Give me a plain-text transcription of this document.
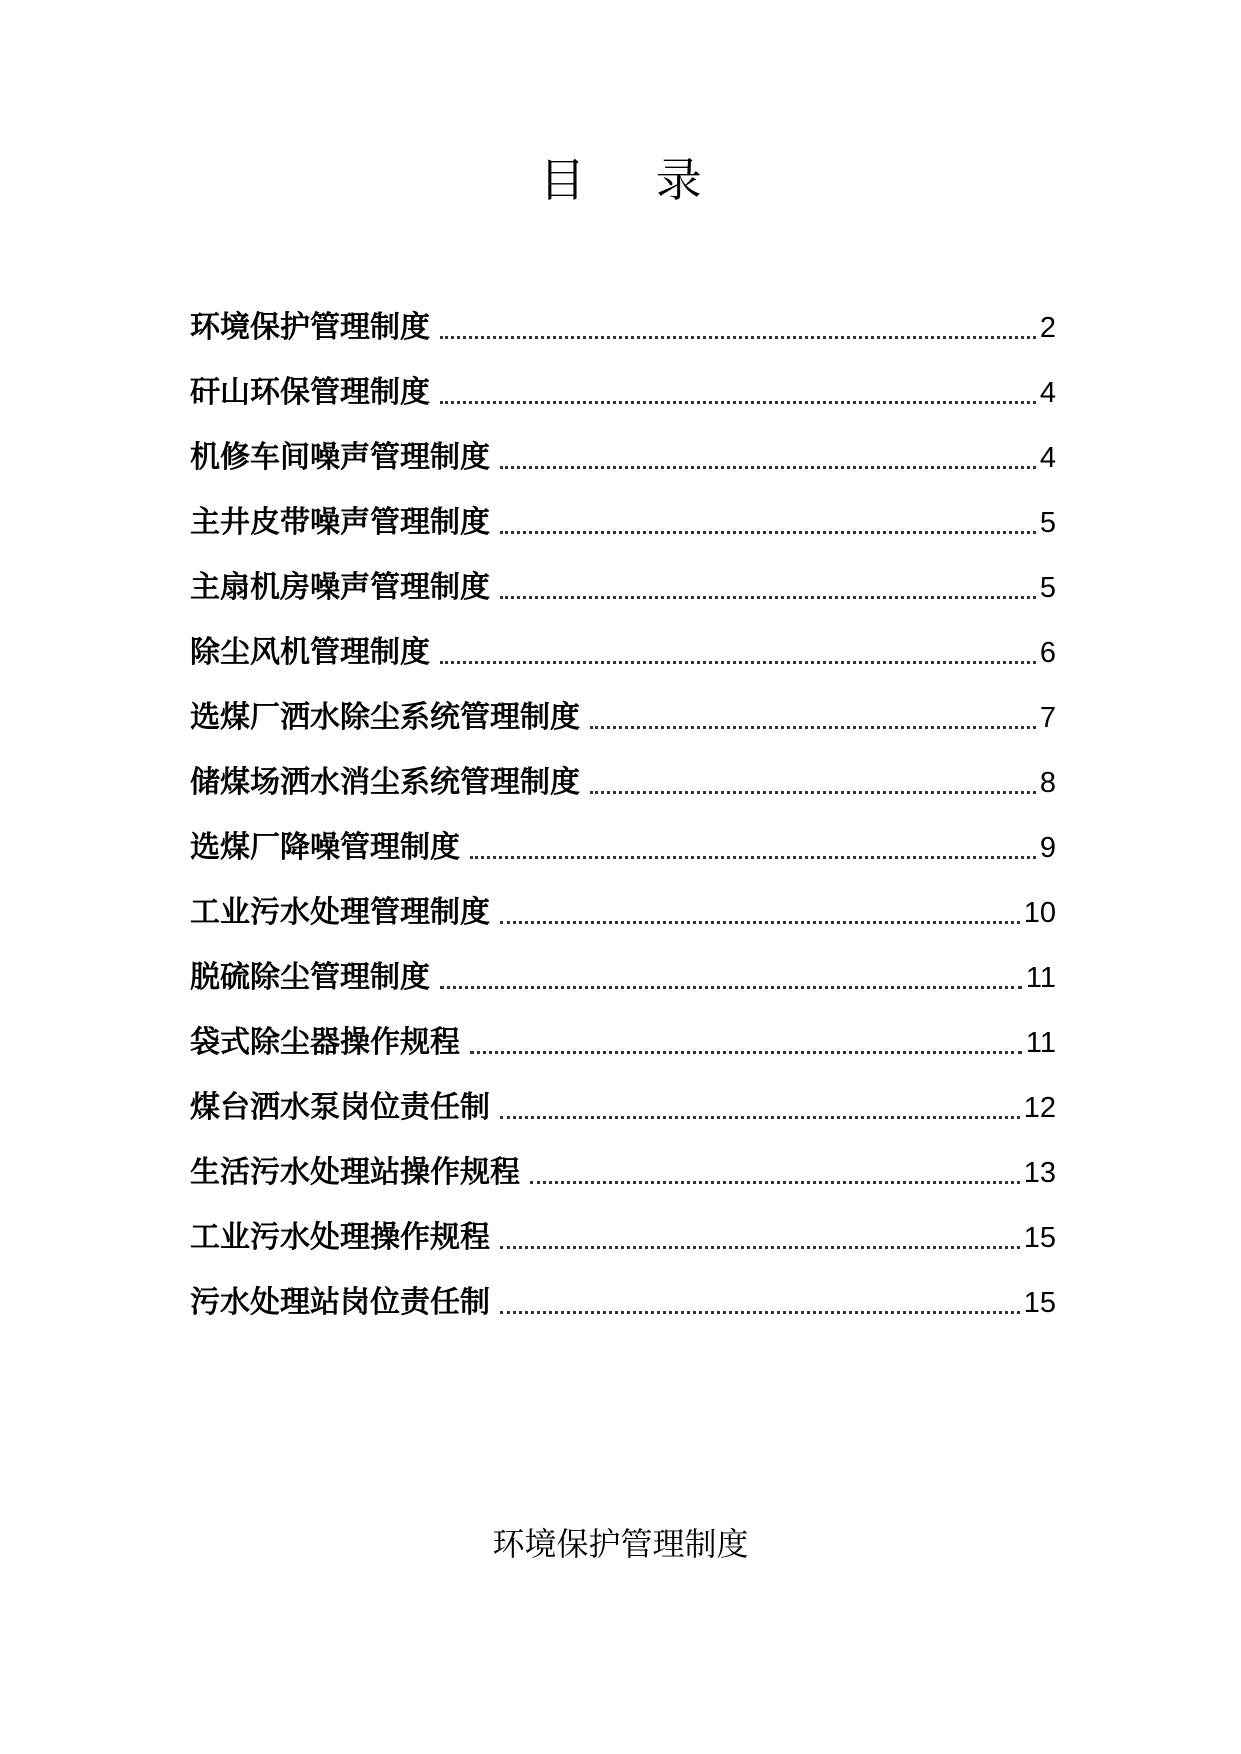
目 录
环境保护管理制度	2
矸山环保管理制度	4
机修车间噪声管理制度	4
主井皮带噪声管理制度	5
主扇机房噪声管理制度	5
除尘风机管理制度	6
选煤厂洒水除尘系统管理制度	7
储煤场洒水消尘系统管理制度	8
选煤厂降噪管理制度	9
工业污水处理管理制度	10
脱硫除尘管理制度	11
袋式除尘器操作规程	11
煤台洒水泵岗位责任制	12
生活污水处理站操作规程	13
工业污水处理操作规程	15
污水处理站岗位责任制	15
环境保护管理制度
